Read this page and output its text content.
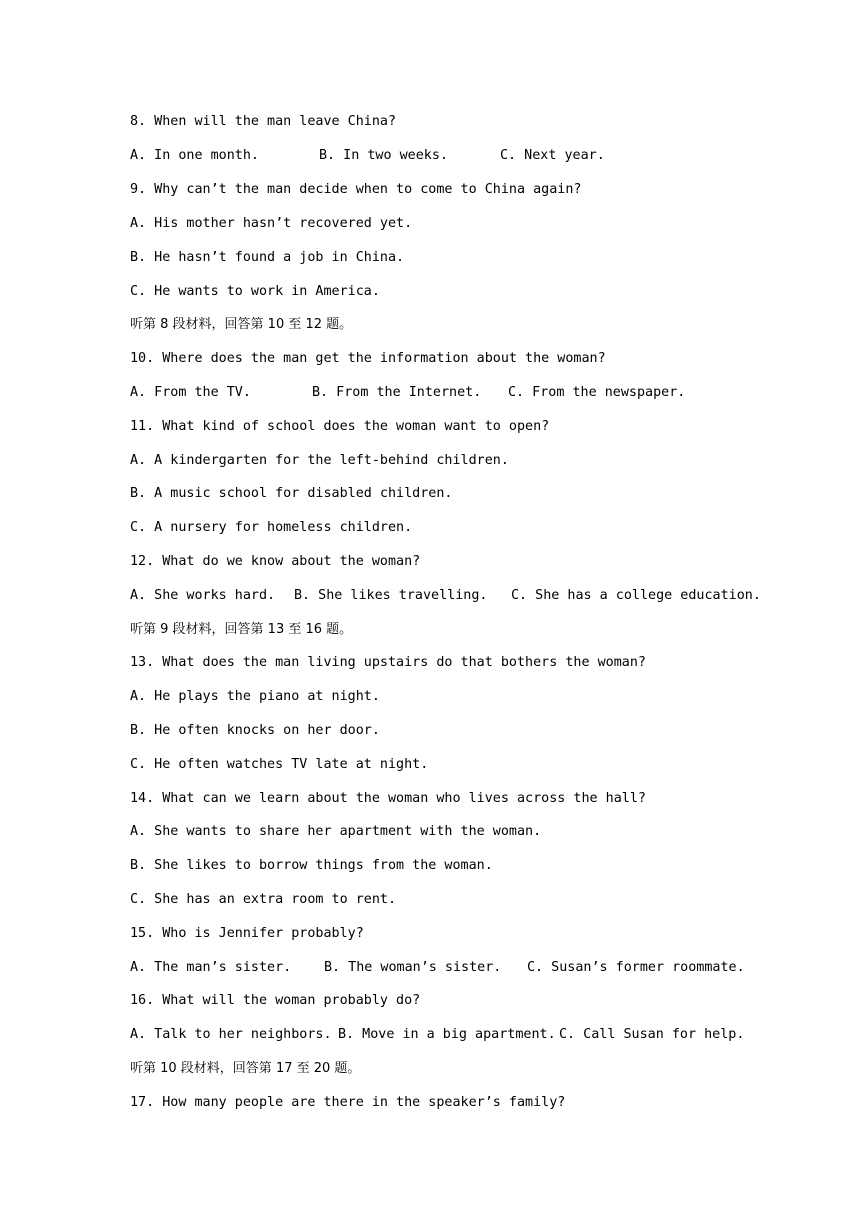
8. When will the man leave China?
A. In one month.	B. In two weeks.	C. Next year.
9. Why can’t the man decide when to come to China again?
A. His mother hasn’t recovered yet.
B. He hasn’t found a job in China.
C. He wants to work in America.
听第 8 段材料，回答第 10 至 12 题。
10. Where does the man get the information about the woman?
A. From the TV.	B. From the Internet. C. From the newspaper.
11. What kind of school does the woman want to open?
A. A kindergarten for the left-behind children.
B. A music school for disabled children.
C. A nursery for homeless children.
12. What do we know about the woman?
A. She works hard. B. She likes travelling. C. She has a college education.
听第 9 段材料，回答第 13 至 16 题。
13. What does the man living upstairs do that bothers the woman?
A. He plays the piano at night.
B. He often knocks on her door.
C. He often watches TV late at night.
14. What can we learn about the woman who lives across the hall?
A. She wants to share her apartment with the woman.
B. She likes to borrow things from the woman.
C. She has an extra room to rent.
15. Who is Jennifer probably?
A. The man’s sister. B. The woman’s sister. C. Susan’s former roommate.
16. What will the woman probably do?
A. Talk to her neighbors. B. Move in a big apartment. C. Call Susan for help.
听第 10 段材料，回答第 17 至 20 题。
17. How many people are there in the speaker’s family?
